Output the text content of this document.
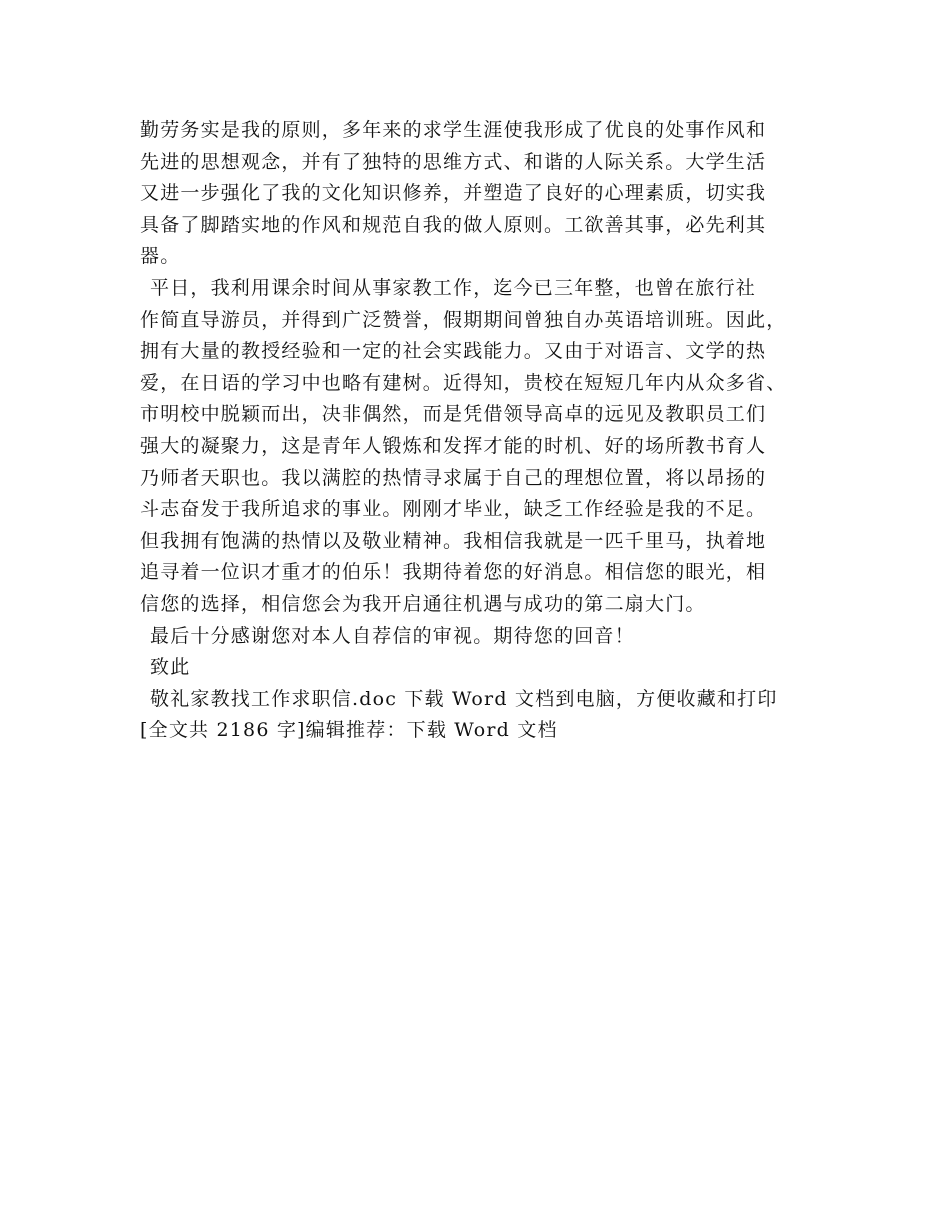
勤劳务实是我的原则，多年来的求学生涯使我形成了优良的处事作风和
先进的思想观念，并有了独特的思维方式、和谐的人际关系。大学生活
又进一步强化了我的文化知识修养，并塑造了良好的心理素质，切实我
具备了脚踏实地的作风和规范自我的做人原则。工欲善其事，必先利其
器。
平日，我利用课余时间从事家教工作，迄今已三年整，也曾在旅行社
作简直导游员，并得到广泛赞誉，假期期间曾独自办英语培训班。因此，
拥有大量的教授经验和一定的社会实践能力。又由于对语言、文学的热
爱，在日语的学习中也略有建树。近得知，贵校在短短几年内从众多省、
市明校中脱颖而出，决非偶然，而是凭借领导高卓的远见及教职员工们
强大的凝聚力，这是青年人锻炼和发挥才能的时机、好的场所教书育人
乃师者天职也。我以满腔的热情寻求属于自己的理想位置，将以昂扬的
斗志奋发于我所追求的事业。刚刚才毕业，缺乏工作经验是我的不足。
但我拥有饱满的热情以及敬业精神。我相信我就是一匹千里马，执着地
追寻着一位识才重才的伯乐！我期待着您的好消息。相信您的眼光，相
信您的选择，相信您会为我开启通往机遇与成功的第二扇大门。
最后十分感谢您对本人自荐信的审视。期待您的回音！
致此
敬礼家教找工作求职信.doc 下载 Word 文档到电脑，方便收藏和打印
[全文共 2186 字]编辑推荐：下载 Word 文档
